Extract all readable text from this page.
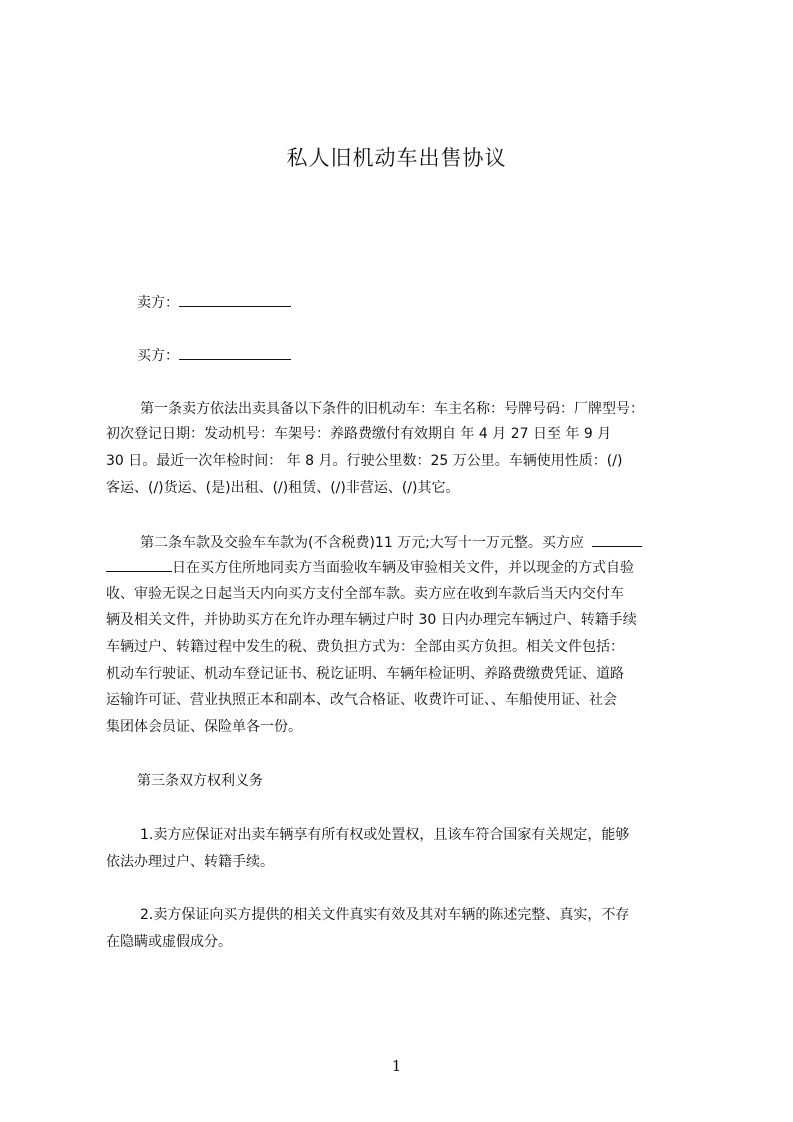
私人旧机动车出售协议
卖方：
买方：
第一条卖方依法出卖具备以下条件的旧机动车：车主名称：号牌号码：厂牌型号：
初次登记日期：发动机号：车架号：养路费缴付有效期自 年 4 月 27 日至 年 9 月
30 日。最近一次年检时间： 年 8 月。行驶公里数：25 万公里。车辆使用性质：(/)
客运、(/)货运、(是)出租、(/)租赁、(/)非营运、(/)其它。
第二条车款及交验车车款为(不含税费)11 万元;大写十一万元整。买方应
日在买方住所地同卖方当面验收车辆及审验相关文件，并以现金的方式自验
收、审验无误之日起当天内向买方支付全部车款。卖方应在收到车款后当天内交付车
辆及相关文件，并协助买方在允许办理车辆过户时 30 日内办理完车辆过户、转籍手续
车辆过户、转籍过程中发生的税、费负担方式为：全部由买方负担。相关文件包括：
机动车行驶证、机动车登记证书、税讫证明、车辆年检证明、养路费缴费凭证、道路
运输许可证、营业执照正本和副本、改气合格证、收费许可证、、车船使用证、社会
集团体会员证、保险单各一份。
第三条双方权利义务
1.卖方应保证对出卖车辆享有所有权或处置权，且该车符合国家有关规定，能够
依法办理过户、转籍手续。
2.卖方保证向买方提供的相关文件真实有效及其对车辆的陈述完整、真实，不存
在隐瞒或虚假成分。
1
